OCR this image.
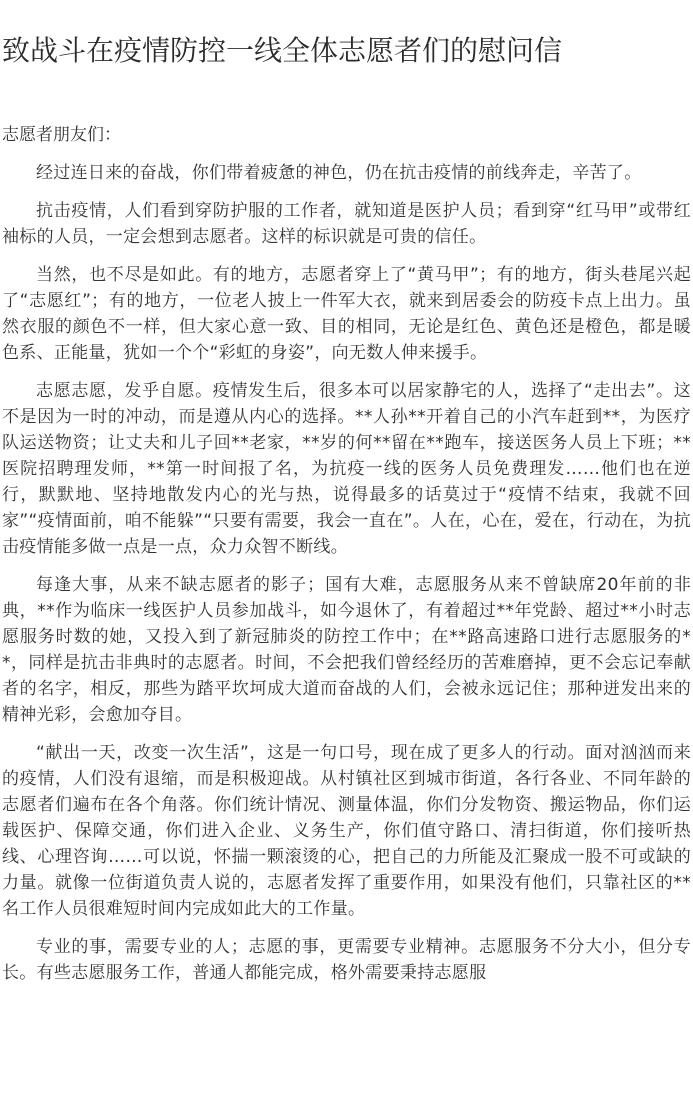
致战斗在疫情防控一线全体志愿者们的慰问信

志愿者朋友们：

经过连日来的奋战，你们带着疲惫的神色，仍在抗击疫情的前线奔走，辛苦了。

抗击疫情，人们看到穿防护服的工作者，就知道是医护人员；看到穿“红马甲”或带红袖标的人员，一定会想到志愿者。这样的标识就是可贵的信任。

当然，也不尽是如此。有的地方，志愿者穿上了“黄马甲”；有的地方，街头巷尾兴起了“志愿红”；有的地方，一位老人披上一件军大衣，就来到居委会的防疫卡点上出力。虽然衣服的颜色不一样，但大家心意一致、目的相同，无论是红色、黄色还是橙色，都是暖色系、正能量，犹如一个个“彩虹的身姿”，向无数人伸来援手。

志愿志愿，发乎自愿。疫情发生后，很多本可以居家静宅的人，选择了“走出去”。这不是因为一时的冲动，而是遵从内心的选择。**人孙**开着自己的小汽车赶到**，为医疗队运送物资；让丈夫和儿子回**老家，**岁的何**留在**跑车，接送医务人员上下班；**医院招聘理发师，**第一时间报了名，为抗疫一线的医务人员免费理发……他们也在逆行，默默地、坚持地散发内心的光与热，说得最多的话莫过于“疫情不结束，我就不回家”“疫情面前，咱不能躲”“只要有需要，我会一直在”。人在，心在，爱在，行动在，为抗击疫情能多做一点是一点，众力众智不断线。

每逢大事，从来不缺志愿者的影子；国有大难，志愿服务从来不曾缺席20年前的非典，**作为临床一线医护人员参加战斗，如今退休了，有着超过**年党龄、超过**小时志愿服务时数的她，又投入到了新冠肺炎的防控工作中；在**路高速路口进行志愿服务的**，同样是抗击非典时的志愿者。时间，不会把我们曾经经历的苦难磨掉，更不会忘记奉献者的名字，相反，那些为踏平坎坷成大道而奋战的人们，会被永远记住；那种迸发出来的精神光彩，会愈加夺目。

“献出一天，改变一次生活”，这是一句口号，现在成了更多人的行动。面对汹汹而来的疫情，人们没有退缩，而是积极迎战。从村镇社区到城市街道，各行各业、不同年龄的志愿者们遍布在各个角落。你们统计情况、测量体温，你们分发物资、搬运物品，你们运载医护、保障交通，你们进入企业、义务生产，你们值守路口、清扫街道，你们接听热线、心理咨询……可以说，怀揣一颗滚烫的心，把自己的力所能及汇聚成一股不可或缺的力量。就像一位街道负责人说的，志愿者发挥了重要作用，如果没有他们，只靠社区的**名工作人员很难短时间内完成如此大的工作量。

专业的事，需要专业的人；志愿的事，更需要专业精神。志愿服务不分大小，但分专长。有些志愿服务工作，普通人都能完成，格外需要秉持志愿服
